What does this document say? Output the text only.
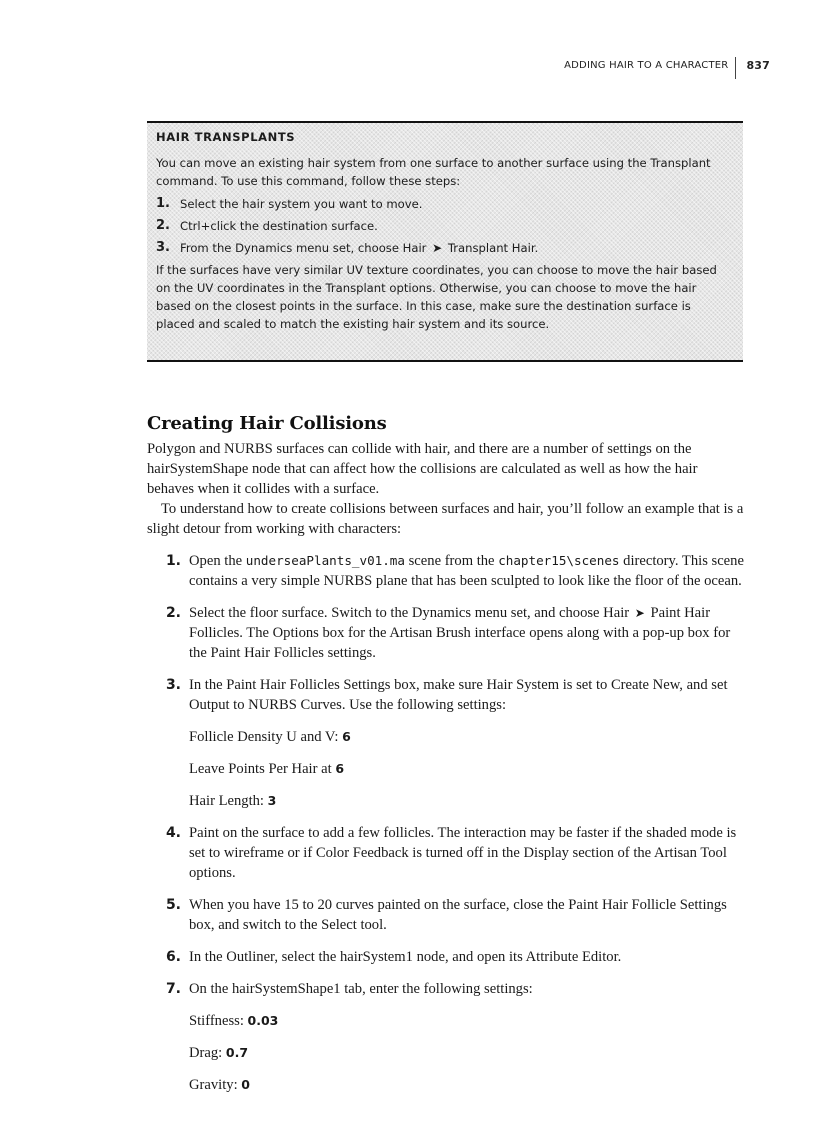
ADDING HAIR TO A CHARACTER	837
HAIR TRANSPLANTS

You can move an existing hair system from one surface to another surface using the Transplant command. To use this command, follow these steps:

1. Select the hair system you want to move.
2. Ctrl+click the destination surface.
3. From the Dynamics menu set, choose Hair ➤ Transplant Hair.

If the surfaces have very similar UV texture coordinates, you can choose to move the hair based on the UV coordinates in the Transplant options. Otherwise, you can choose to move the hair based on the closest points in the surface. In this case, make sure the destination surface is placed and scaled to match the existing hair system and its source.

Creating Hair Collisions

Polygon and NURBS surfaces can collide with hair, and there are a number of settings on the hairSystemShape node that can affect how the collisions are calculated as well as how the hair behaves when it collides with a surface.

To understand how to create collisions between surfaces and hair, you’ll follow an example that is a slight detour from working with characters:

1. Open the underseaPlants_v01.ma scene from the chapter15\scenes directory. This scene contains a very simple NURBS plane that has been sculpted to look like the floor of the ocean.
2. Select the floor surface. Switch to the Dynamics menu set, and choose Hair ➤ Paint Hair Follicles. The Options box for the Artisan Brush interface opens along with a pop-up box for the Paint Hair Follicles settings.
3. In the Paint Hair Follicles Settings box, make sure Hair System is set to Create New, and set Output to NURBS Curves. Use the following settings:
Follicle Density U and V: 6
Leave Points Per Hair at 6
Hair Length: 3
4. Paint on the surface to add a few follicles. The interaction may be faster if the shaded mode is set to wireframe or if Color Feedback is turned off in the Display section of the Artisan Tool options.
5. When you have 15 to 20 curves painted on the surface, close the Paint Hair Follicle Settings box, and switch to the Select tool.
6. In the Outliner, select the hairSystem1 node, and open its Attribute Editor.
7. On the hairSystemShape1 tab, enter the following settings:
Stiffness: 0.03
Drag: 0.7
Gravity: 0
